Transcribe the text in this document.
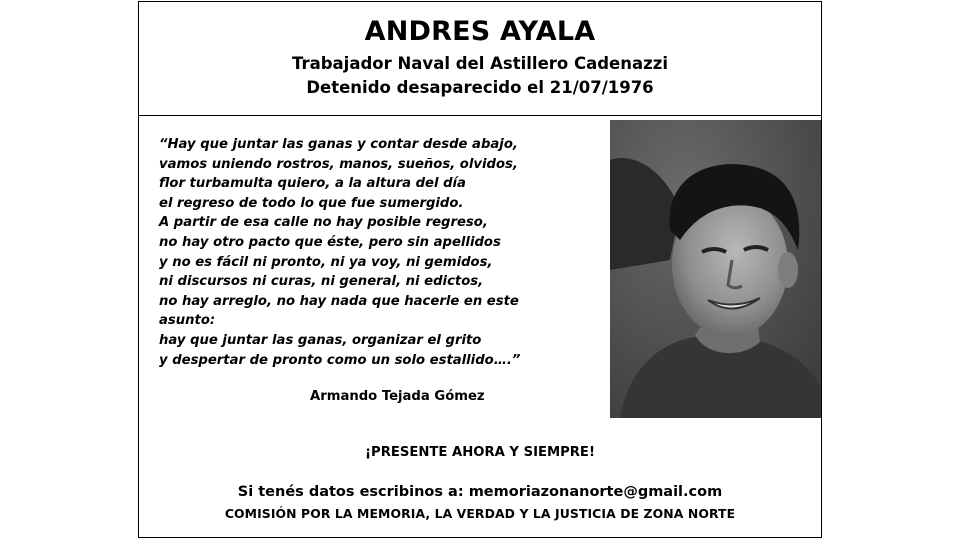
ANDRES AYALA
Trabajador Naval del Astillero Cadenazzi
Detenido desaparecido el 21/07/1976
“Hay que juntar las ganas y contar desde abajo,
vamos uniendo rostros, manos, sueños, olvidos,
flor turbamulta quiero, a la altura del día
el regreso de todo lo que fue sumergido.
A partir de esa calle no hay posible regreso,
no hay otro pacto que éste, pero sin apellidos
y no es fácil ni pronto, ni ya voy, ni gemidos,
ni discursos ni curas, ni general, ni edictos,
no hay arreglo, no hay nada que hacerle en este
asunto:
hay que juntar las ganas, organizar el grito
y despertar de pronto como un solo estallido….”
Armando Tejada Gómez
¡PRESENTE AHORA Y SIEMPRE!
Si tenés datos escribinos a: memoriazonanorte@gmail.com
COMISIÓN POR LA MEMORIA, LA VERDAD Y LA JUSTICIA DE ZONA NORTE
